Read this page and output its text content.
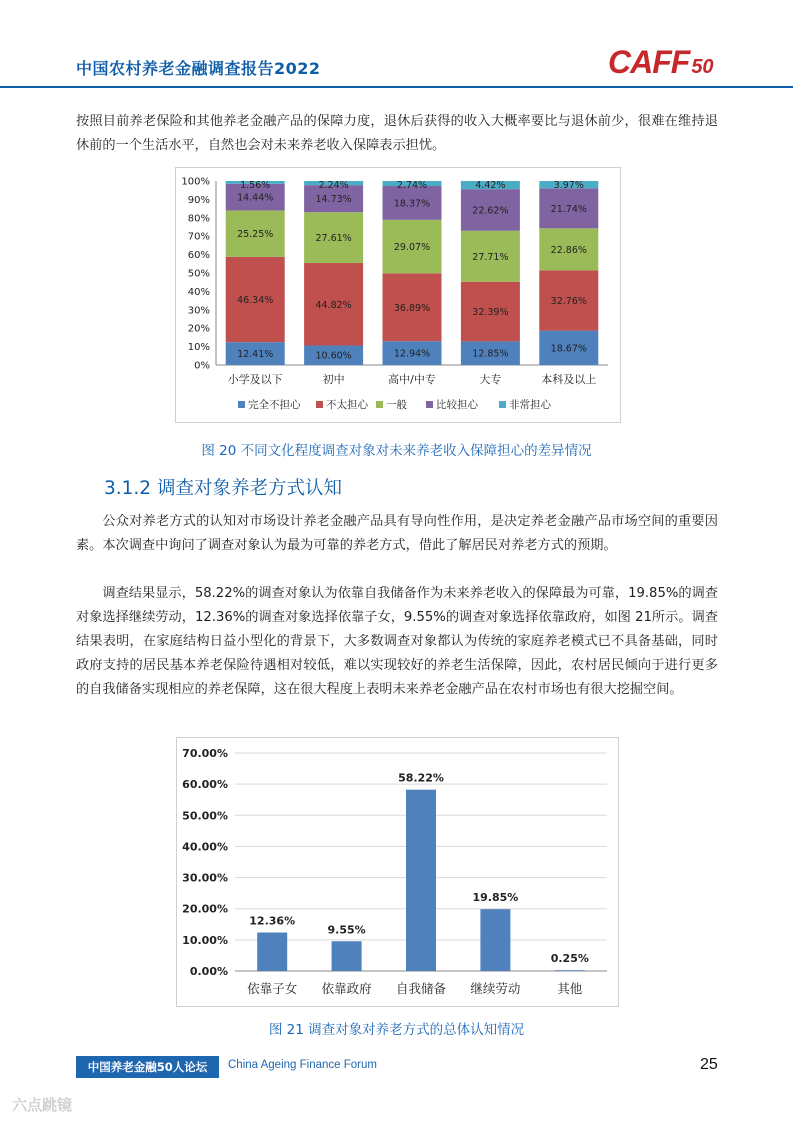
中国农村养老金融调查报告2022	CAFF 50

按照目前养老保险和其他养老金融产品的保障力度，退休后获得的收入大概率要比与退休前少，很难在维持退休前的一个生活水平，自然也会对未来养老收入保障表示担忧。

0%
10%
20%
30%
40%
50%
60%
70%
80%
90%
100%
小学及以下
12.41%
46.34%
25.25%
14.44%
1.56%
初中
10.60%
44.82%
27.61%
14.73%
2.24%
高中/中专
12.94%
36.89%
29.07%
18.37%
2.74%
大专
12.85%
32.39%
27.71%
22.62%
4.42%
本科及以上
18.67%
32.76%
22.86%
21.74%
3.97%
完全不担心 不太担心 一般	比较担心	非常担心
图 20 不同文化程度调查对象对未来养老收入保障担心的差异情况
3.1.2 调查对象养老方式认知

公众对养老方式的认知对市场设计养老金融产品具有导向性作用，是决定养老金融产品市场空间的重要因素。本次调查中询问了调查对象认为最为可靠的养老方式，借此了解居民对养老方式的预期。

调查结果显示，58.22%的调查对象认为依靠自我储备作为未来养老收入的保障最为可靠，19.85%的调查对象选择继续劳动，12.36%的调查对象选择依靠子女，9.55%的调查对象选择依靠政府，如图 21所示。调查结果表明，在家庭结构日益小型化的背景下，大多数调查对象都认为传统的家庭养老模式已不具备基础，同时政府支持的居民基本养老保险待遇相对较低，难以实现较好的养老生活保障，因此，农村居民倾向于进行更多的自我储备实现相应的养老保障，这在很大程度上表明未来养老金融产品在农村市场也有很大挖掘空间。

0.00%
10.00%
20.00%
30.00%
40.00%
50.00%
60.00%
70.00%
12.36%
依靠子女
9.55%
依靠政府
58.22%
自我储备
19.85%
继续劳动
0.25%
其他
图 21 调查对象对养老方式的总体认知情况
中国养老金融50人论坛	China Ageing Finance Forum	25
六点跳镜
